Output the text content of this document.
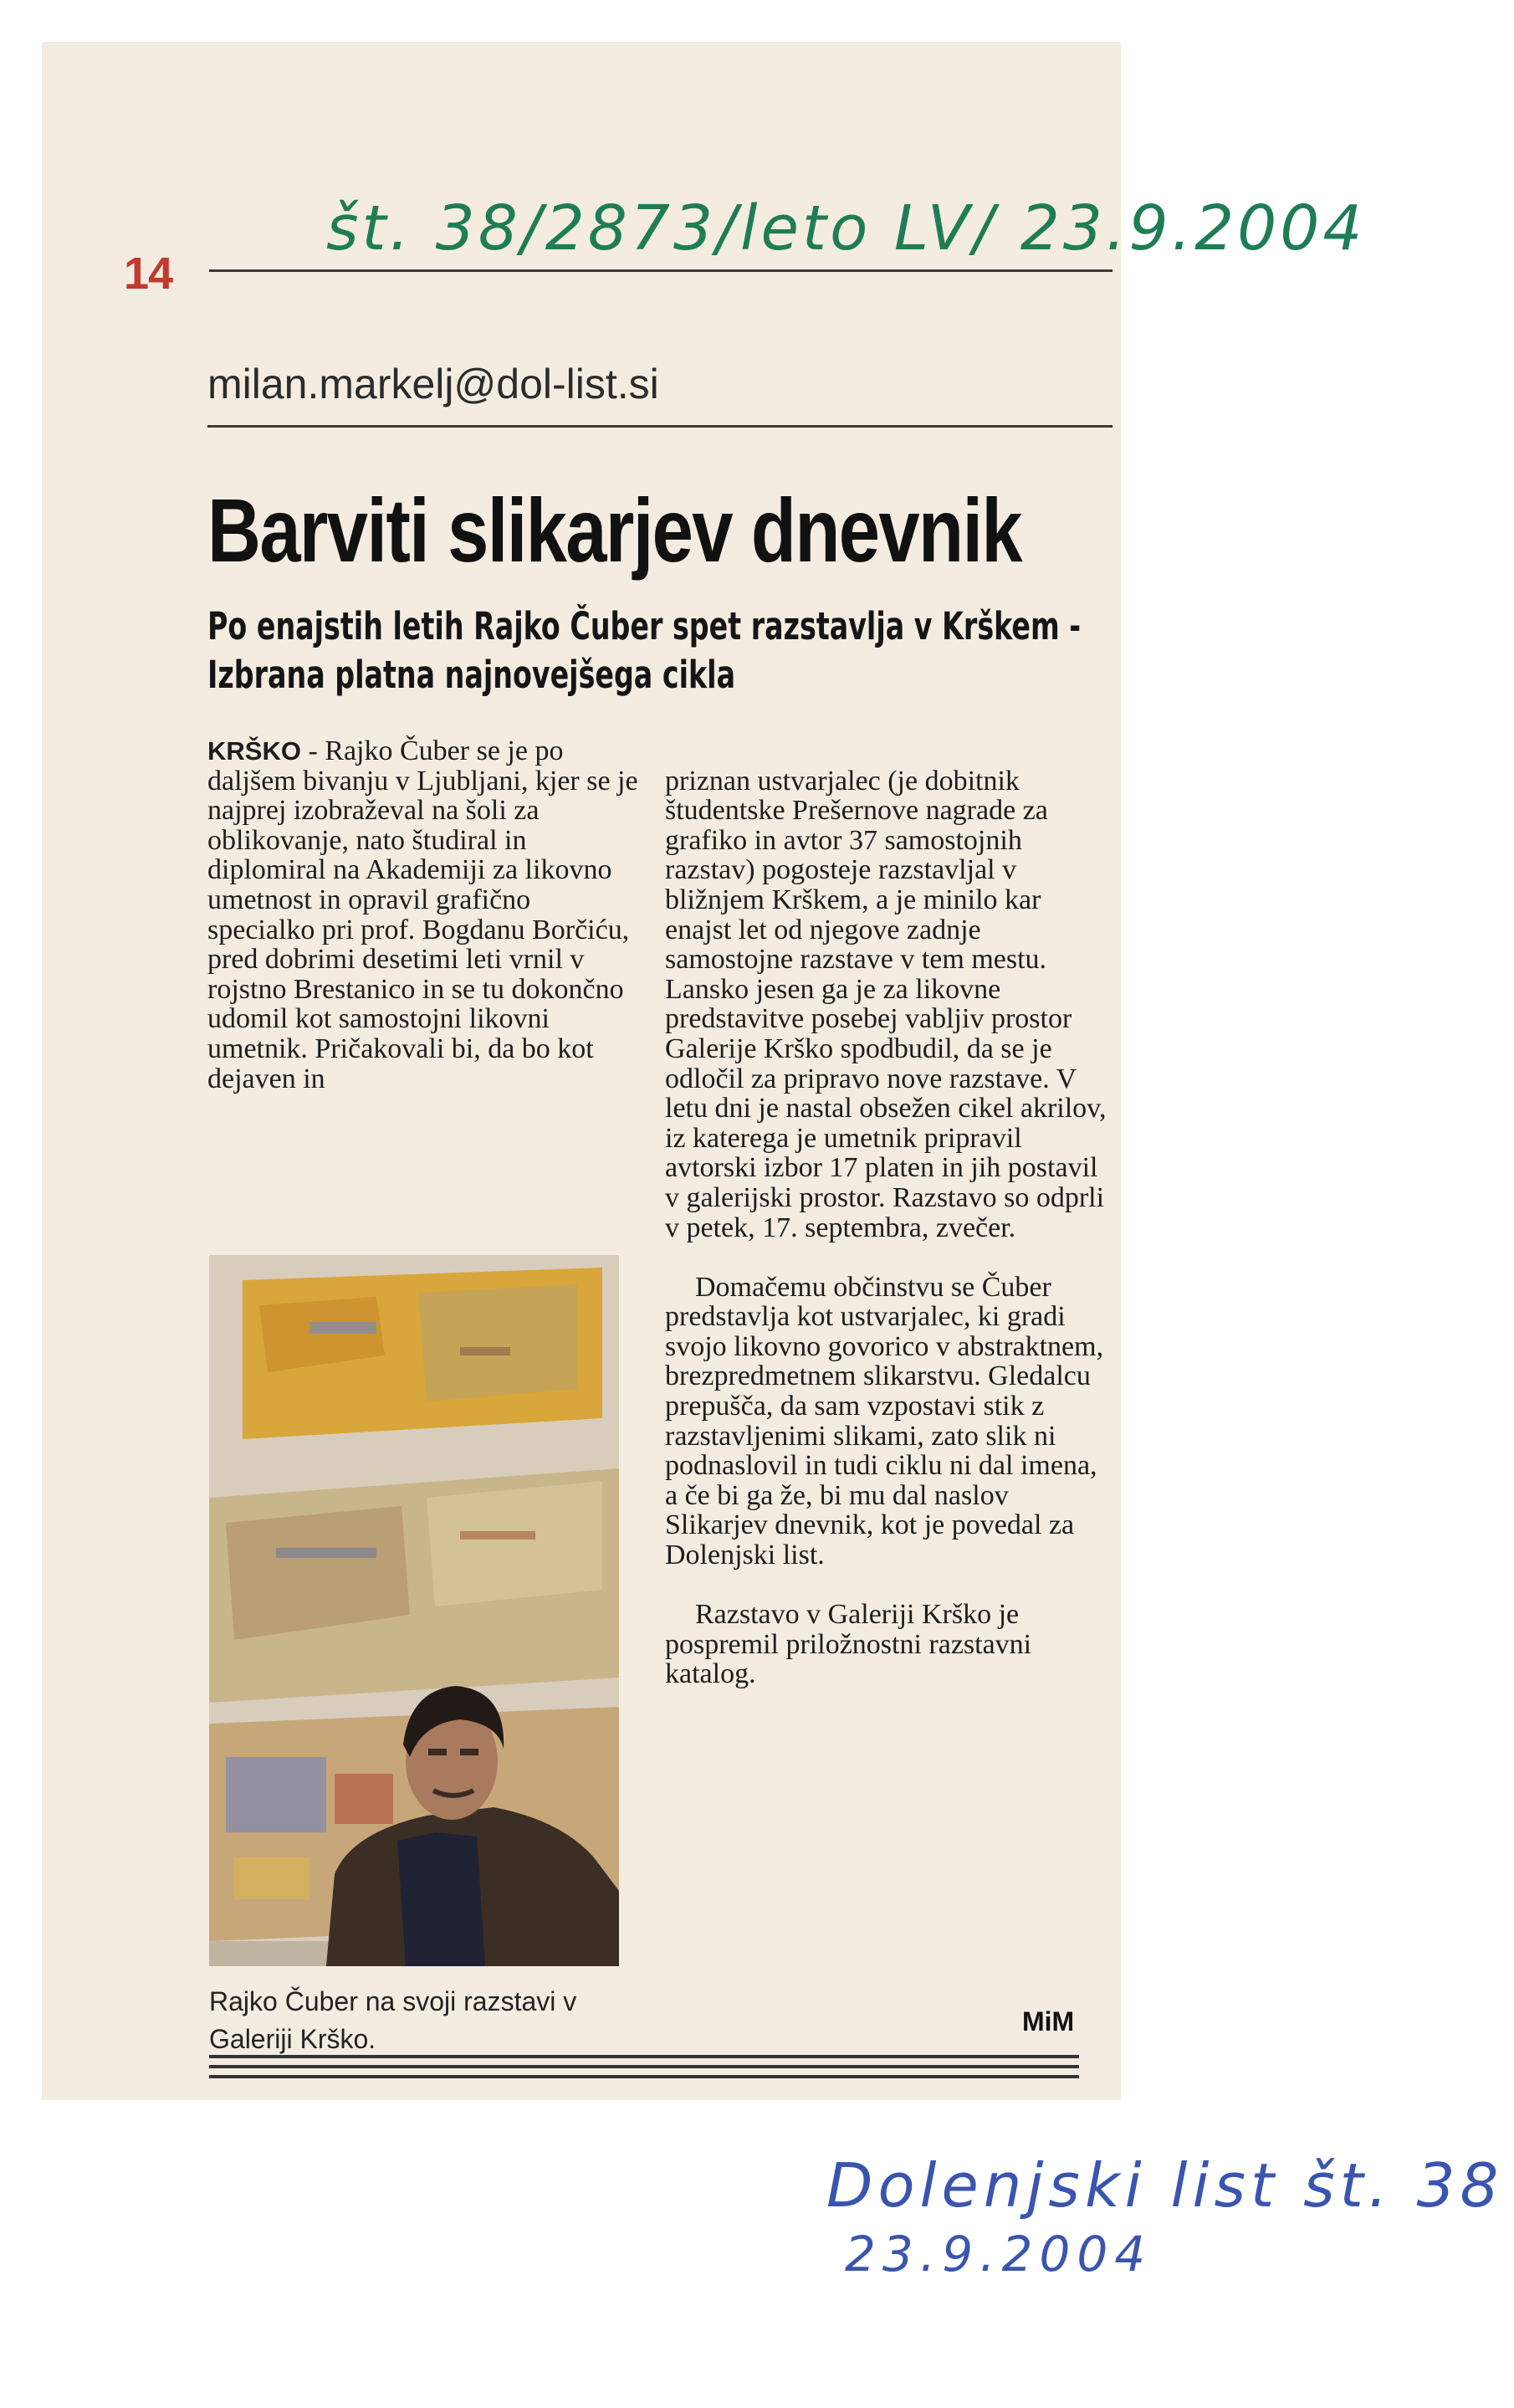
14
št. 38/2873/leto LV/ 23.9.2004
milan.markelj@dol-list.si
Barviti slikarjev dnevnik
Po enajstih letih Rajko Čuber spet razstavlja v Krškem - Izbrana platna najnovejšega cikla
KRŠKO - Rajko Čuber se je po daljšem bivanju v Ljubljani, kjer se je najprej izobraževal na šoli za oblikovanje, nato študiral in diplomiral na Akademiji za likovno umetnost in opravil grafično specialko pri prof. Bogdanu Borčiću, pred dobrimi desetimi leti vrnil v rojstno Brestanico in se tu dokončno udomil kot samostojni likovni umetnik. Pričakovali bi, da bo kot dejaven in

priznan ustvarjalec (je dobitnik študentske Prešernove nagrade za grafiko in avtor 37 samostojnih razstav) pogosteje razstavljal v bližnjem Krškem, a je minilo kar enajst let od njegove zadnje samostojne razstave v tem mestu. Lansko jesen ga je za likovne predstavitve posebej vabljiv prostor Galerije Krško spodbudil, da se je odločil za pripravo nove razstave. V letu dni je nastal obsežen cikel akrilov, iz katerega je umetnik pripravil avtorski izbor 17 platen in jih postavil v galerijski prostor. Razstavo so odprli v petek, 17. septembra, zvečer.

Domačemu občinstvu se Čuber predstavlja kot ustvarjalec, ki gradi svojo likovno govorico v abstraktnem, brezpredmetnem slikarstvu. Gledalcu prepušča, da sam vzpostavi stik z razstavljenimi slikami, zato slik ni podnaslovil in tudi ciklu ni dal imena, a če bi ga že, bi mu dal naslov Slikarjev dnevnik, kot je povedal za Dolenjski list.

Razstavo v Galeriji Krško je pospremil priložnostni razstavni katalog.

Rajko Čuber na svoji razstavi v Galeriji Krško.
MiM
Dolenjski list št. 38
23.9.2004
